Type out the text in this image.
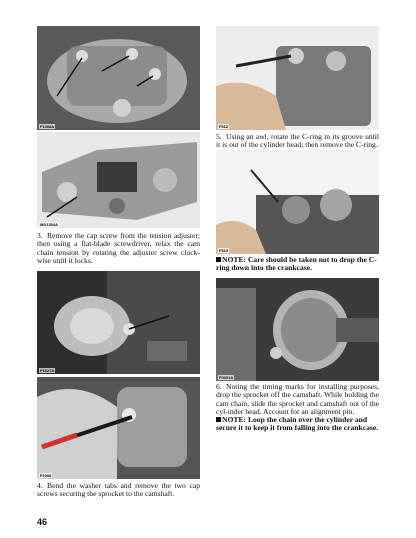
F1008A
MD1354A
3. Remove the cap screw from the tension adjuster; then using a flat-blade screwdriver, relax the cam chain tension by rotating the adjuster screw clock-wise until it locks.
F1627A
F1008
4. Bend the washer tabs and remove the two cap screws securing the sprocket to the camshaft.
F612
5. Using an awl, rotate the C-ring in its groove until it is out of the cylinder head; then remove the C-ring.
F613
NOTE: Care should be taken not to drop the C-ring down into the crankcase.
F0001A
6. Noting the timing marks for installing purposes, drop the sprocket off the camshaft. While holding the cam chain, slide the sprocket and camshaft out of the cyl-inder head. Account for an alignment pin.
NOTE: Loop the chain over the cylinder and secure it to keep it from falling into the crankcase.
46
